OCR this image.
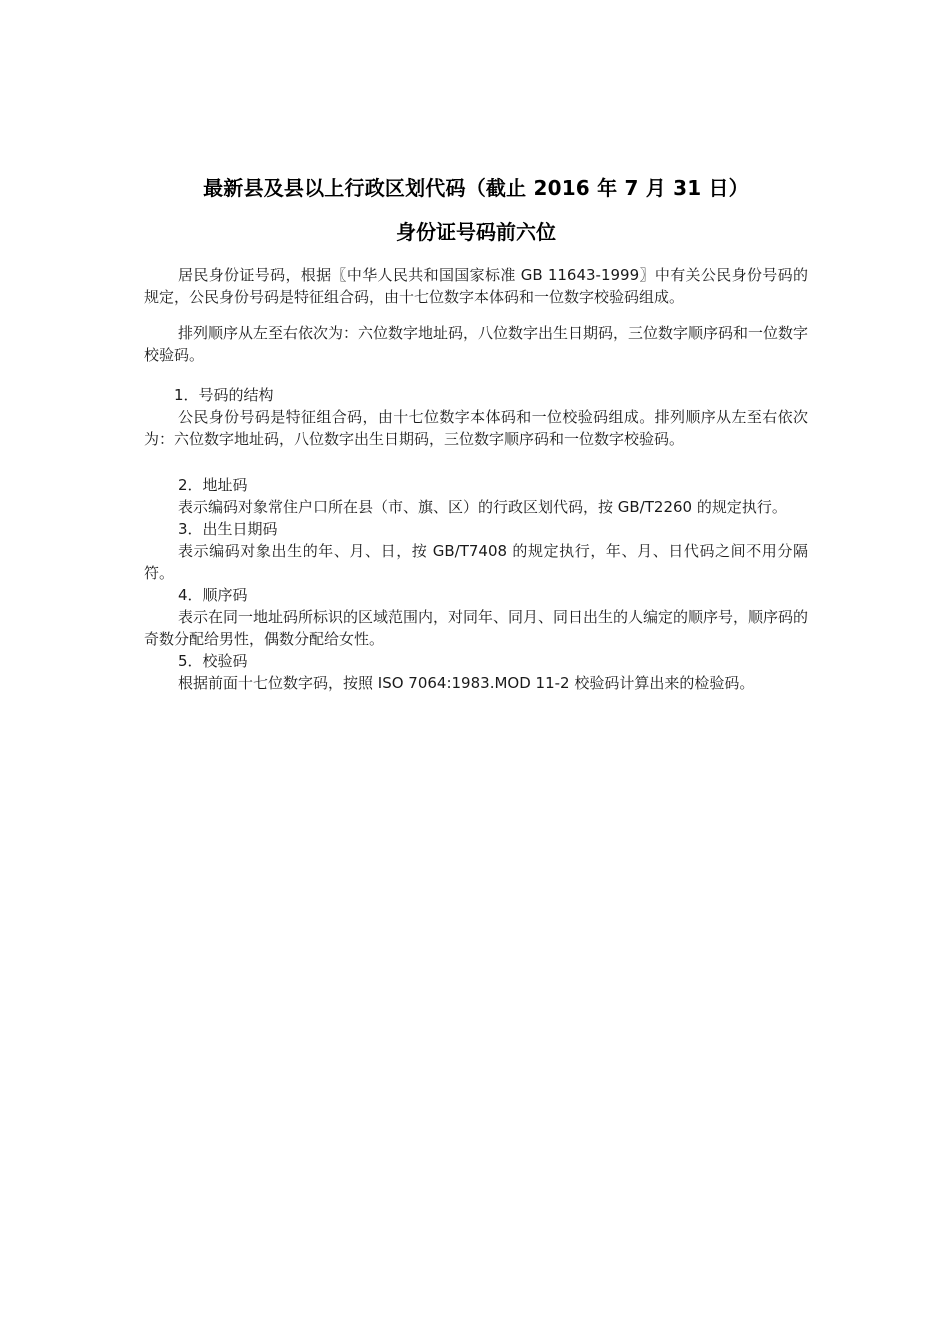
最新县及县以上行政区划代码（截止 2016 年 7 月 31 日）
身份证号码前六位

居民身份证号码，根据〖中华人民共和国国家标准 GB 11643-1999〗中有关公民身份号码的规定，公民身份号码是特征组合码，由十七位数字本体码和一位数字校验码组成。

排列顺序从左至右依次为：六位数字地址码，八位数字出生日期码，三位数字顺序码和一位数字校验码。

1．号码的结构

公民身份号码是特征组合码，由十七位数字本体码和一位校验码组成。排列顺序从左至右依次为：六位数字地址码，八位数字出生日期码，三位数字顺序码和一位数字校验码。

2．地址码

表示编码对象常住户口所在县（市、旗、区）的行政区划代码，按 GB/T2260 的规定执行。

3．出生日期码

表示编码对象出生的年、月、日，按 GB/T7408 的规定执行，年、月、日代码之间不用分隔符。

4．顺序码

表示在同一地址码所标识的区域范围内，对同年、同月、同日出生的人编定的顺序号，顺序码的奇数分配给男性，偶数分配给女性。

5．校验码

根据前面十七位数字码，按照 ISO 7064:1983.MOD 11-2 校验码计算出来的检验码。
